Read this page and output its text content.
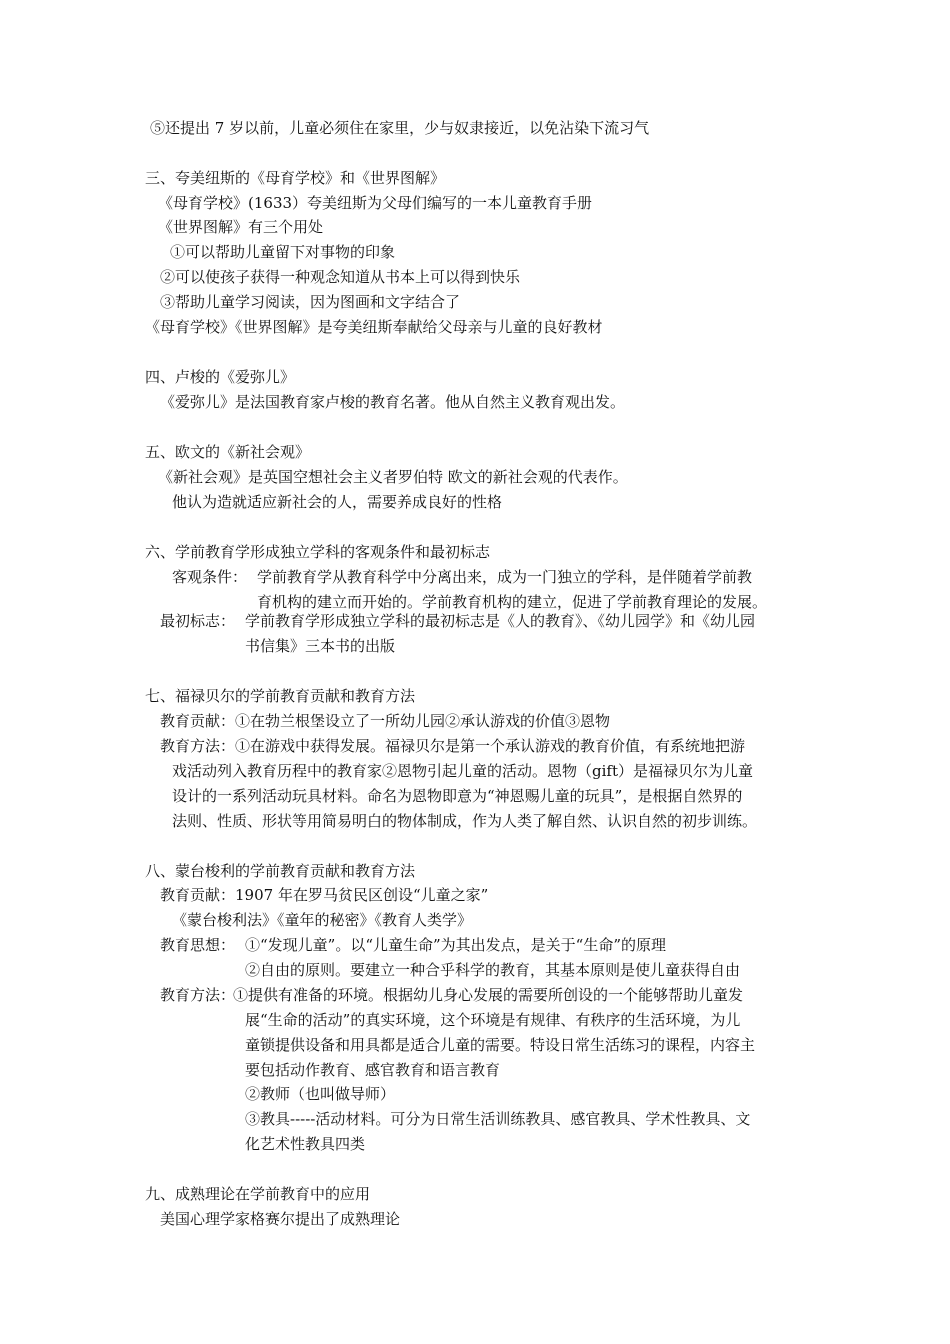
⑤还提出 7 岁以前，儿童必须住在家里，少与奴隶接近，以免沾染下流习气
三、夸美纽斯的《母育学校》和《世界图解》
《母育学校》(1633）夸美纽斯为父母们编写的一本儿童教育手册
《世界图解》有三个用处
①可以帮助儿童留下对事物的印象
②可以使孩子获得一种观念知道从书本上可以得到快乐
③帮助儿童学习阅读，因为图画和文字结合了
《母育学校》《世界图解》是夸美纽斯奉献给父母亲与儿童的良好教材
四、卢梭的《爱弥儿》
《爱弥儿》是法国教育家卢梭的教育名著。他从自然主义教育观出发。
五、欧文的《新社会观》
《新社会观》是英国空想社会主义者罗伯特 欧文的新社会观的代表作。
他认为造就适应新社会的人，需要养成良好的性格
六、学前教育学形成独立学科的客观条件和最初标志
客观条件： 学前教育学从教育科学中分离出来，成为一门独立的学科，是伴随着学前教
育机构的建立而开始的。学前教育机构的建立，促进了学前教育理论的发展。
最初标志： 学前教育学形成独立学科的最初标志是《人的教育》、《幼儿园学》和《幼儿园
书信集》三本书的出版
七、福禄贝尔的学前教育贡献和教育方法
教育贡献：①在勃兰根堡设立了一所幼儿园②承认游戏的价值③恩物
教育方法：①在游戏中获得发展。福禄贝尔是第一个承认游戏的教育价值，有系统地把游
戏活动列入教育历程中的教育家②恩物引起儿童的活动。恩物（gift）是福禄贝尔为儿童
设计的一系列活动玩具材料。命名为恩物即意为“神恩赐儿童的玩具”，是根据自然界的
法则、性质、形状等用简易明白的物体制成，作为人类了解自然、认识自然的初步训练。
八、蒙台梭利的学前教育贡献和教育方法
教育贡献：1907 年在罗马贫民区创设“儿童之家”
《蒙台梭利法》《童年的秘密》《教育人类学》
教育思想： ①“发现儿童”。以“儿童生命”为其出发点，是关于“生命”的原理
②自由的原则。要建立一种合乎科学的教育，其基本原则是使儿童获得自由
教育方法：
①提供有准备的环境。根据幼儿身心发展的需要所创设的一个能够帮助儿童发
展“生命的活动”的真实环境，这个环境是有规律、有秩序的生活环境，为儿
童锁提供设备和用具都是适合儿童的需要。特设日常生活练习的课程，内容主
要包括动作教育、感官教育和语言教育
②教师（也叫做导师）
③教具-----活动材料。可分为日常生活训练教具、感官教具、学术性教具、文
化艺术性教具四类
九、成熟理论在学前教育中的应用
美国心理学家格赛尔提出了成熟理论
